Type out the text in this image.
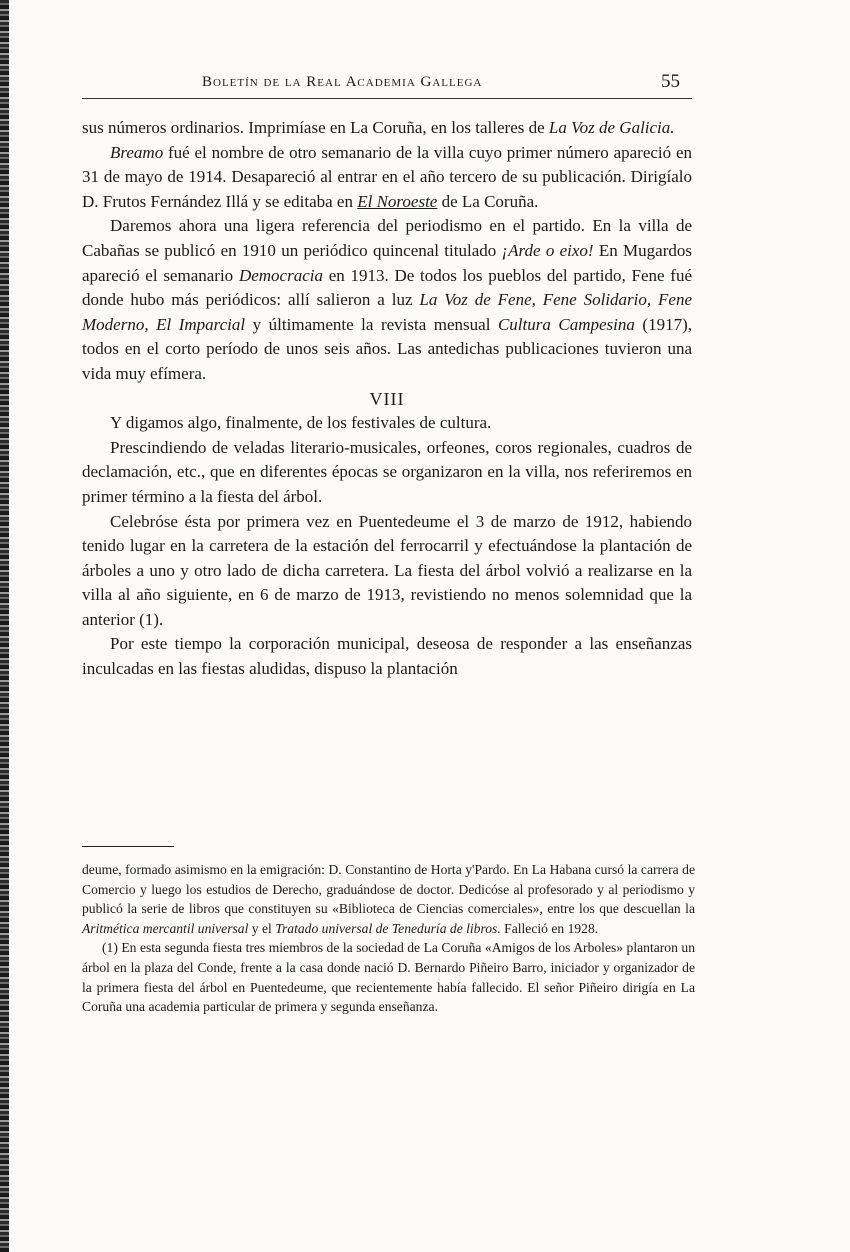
Boletín de la Real Academia Gallega	55

sus números ordinarios. Imprimíase en La Coruña, en los talleres de La Voz de Galicia.

Breamo fué el nombre de otro semanario de la villa cuyo primer número apareció en 31 de mayo de 1914. Desapareció al entrar en el año tercero de su publicación. Dirigíalo D. Frutos Fernández Illá y se editaba en El Noroeste de La Coruña.

Daremos ahora una ligera referencia del periodismo en el partido. En la villa de Cabañas se publicó en 1910 un periódico quincenal titulado ¡Arde o eixo! En Mugardos apareció el semanario Democracia en 1913. De todos los pueblos del partido, Fene fué donde hubo más periódicos: allí salieron a luz La Voz de Fene, Fene Solidario, Fene Moderno, El Imparcial y últimamente la revista mensual Cultura Campesina (1917), todos en el corto período de unos seis años. Las antedichas publicaciones tuvieron una vida muy efímera.

VIII

Y digamos algo, finalmente, de los festivales de cultura.

Prescindiendo de veladas literario-musicales, orfeones, coros regionales, cuadros de declamación, etc., que en diferentes épocas se organizaron en la villa, nos referiremos en primer término a la fiesta del árbol.

Celebróse ésta por primera vez en Puentedeume el 3 de marzo de 1912, habiendo tenido lugar en la carretera de la estación del ferrocarril y efectuándose la plantación de árboles a uno y otro lado de dicha carretera. La fiesta del árbol volvió a realizarse en la villa al año siguiente, en 6 de marzo de 1913, revistiendo no menos solemnidad que la anterior (1).

Por este tiempo la corporación municipal, deseosa de responder a las enseñanzas inculcadas en las fiestas aludidas, dispuso la plantación

deume, formado asimismo en la emigración: D. Constantino de Horta y'Pardo. En La Habana cursó la carrera de Comercio y luego los estudios de Derecho, graduándose de doctor. Dedicóse al profesorado y al periodismo y publicó la serie de libros que constituyen su «Biblioteca de Ciencias comerciales», entre los que descuellan la Aritmética mercantil universal y el Tratado universal de Teneduría de libros. Falleció en 1928.

(1) En esta segunda fiesta tres miembros de la sociedad de La Coruña «Amigos de los Arboles» plantaron un árbol en la plaza del Conde, frente a la casa donde nació D. Bernardo Piñeiro Barro, iniciador y organizador de la primera fiesta del árbol en Puentedeume, que recientemente había fallecido. El señor Piñeiro dirigía en La Coruña una academia particular de primera y segunda enseñanza.
